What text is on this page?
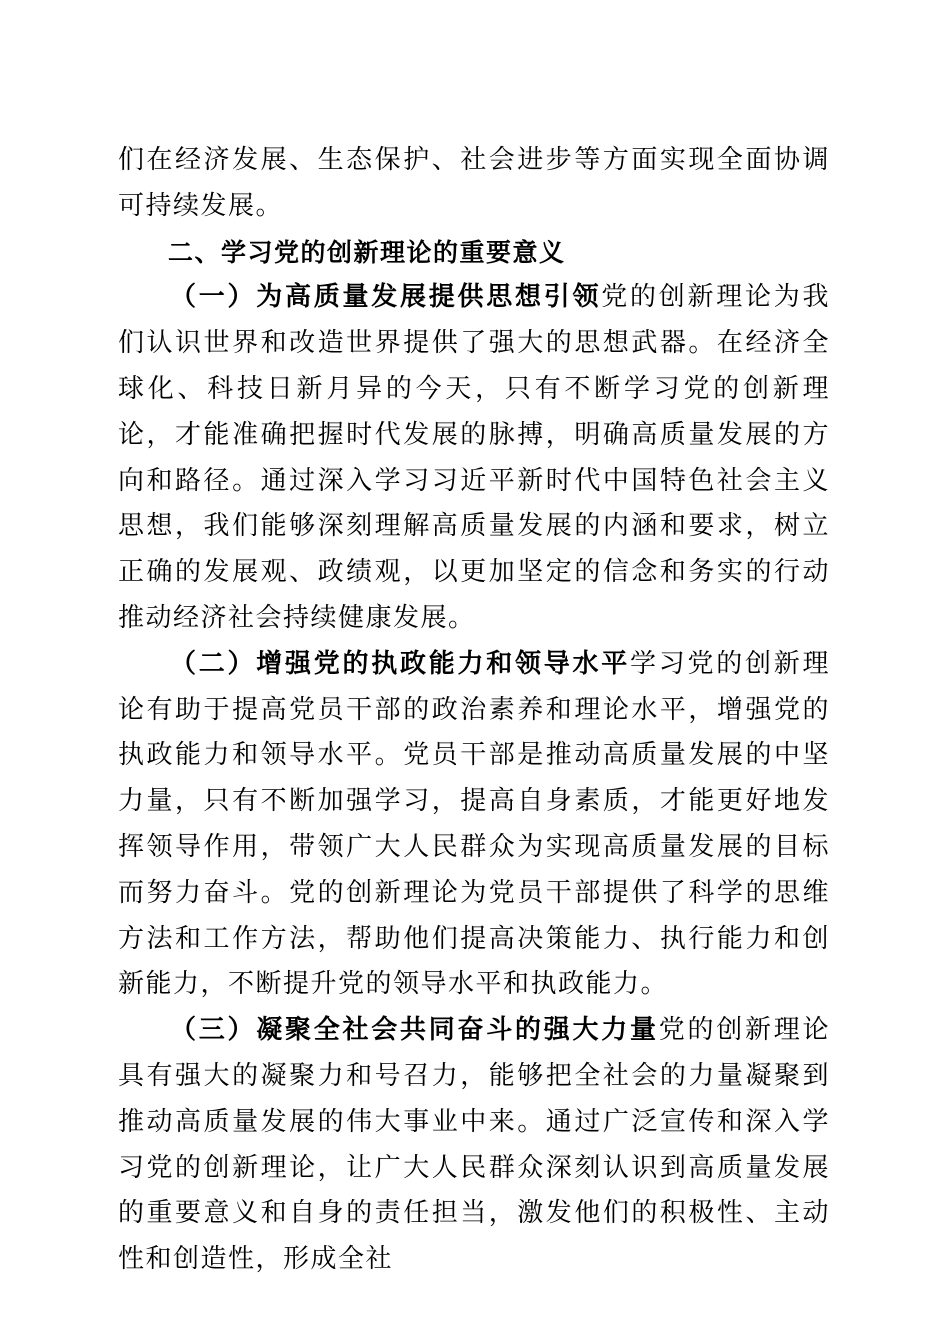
们在经济发展、生态保护、社会进步等方面实现全面协调可持续发展。

二、学习党的创新理论的重要意义

（一）为高质量发展提供思想引领党的创新理论为我们认识世界和改造世界提供了强大的思想武器。在经济全球化、科技日新月异的今天，只有不断学习党的创新理论，才能准确把握时代发展的脉搏，明确高质量发展的方向和路径。通过深入学习习近平新时代中国特色社会主义思想，我们能够深刻理解高质量发展的内涵和要求，树立正确的发展观、政绩观，以更加坚定的信念和务实的行动推动经济社会持续健康发展。

（二）增强党的执政能力和领导水平学习党的创新理论有助于提高党员干部的政治素养和理论水平，增强党的执政能力和领导水平。党员干部是推动高质量发展的中坚力量，只有不断加强学习，提高自身素质，才能更好地发挥领导作用，带领广大人民群众为实现高质量发展的目标而努力奋斗。党的创新理论为党员干部提供了科学的思维方法和工作方法，帮助他们提高决策能力、执行能力和创新能力，不断提升党的领导水平和执政能力。

（三）凝聚全社会共同奋斗的强大力量党的创新理论具有强大的凝聚力和号召力，能够把全社会的力量凝聚到推动高质量发展的伟大事业中来。通过广泛宣传和深入学习党的创新理论，让广大人民群众深刻认识到高质量发展的重要意义和自身的责任担当，激发他们的积极性、主动性和创造性，形成全社
